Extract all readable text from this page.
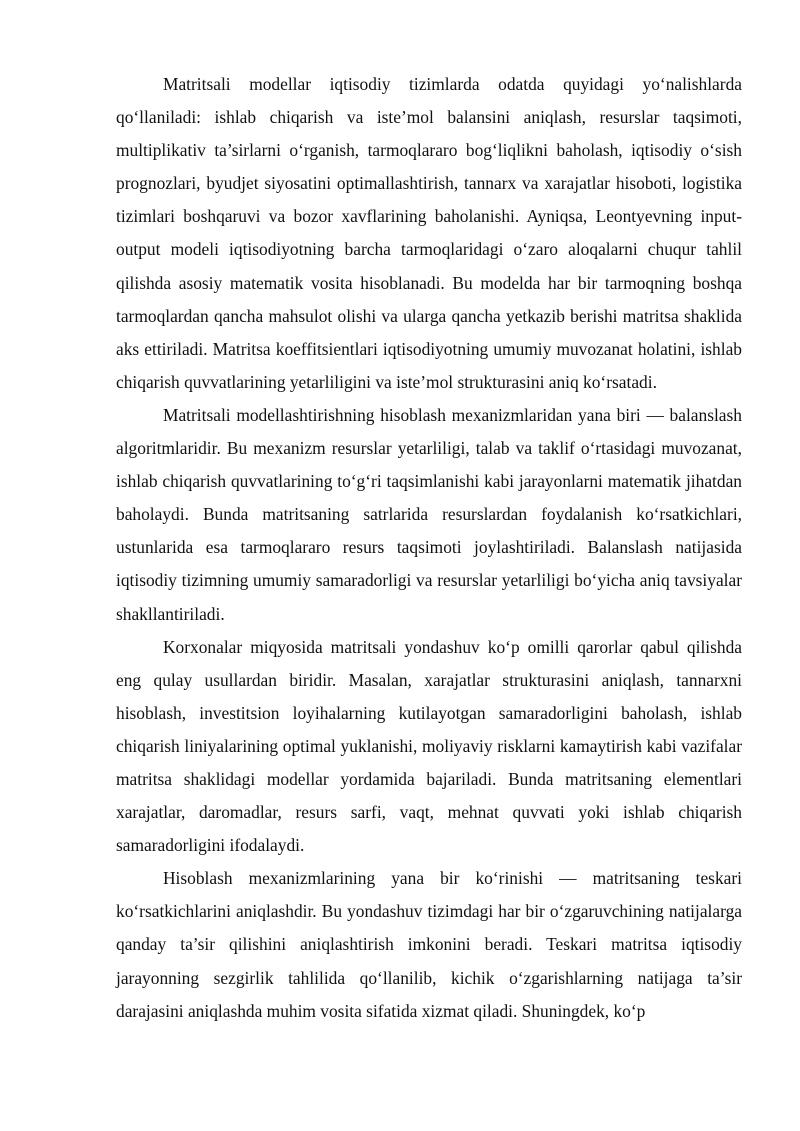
Matritsali modellar iqtisodiy tizimlarda odatda quyidagi yo‘nalishlarda qo‘llaniladi: ishlab chiqarish va iste’mol balansini aniqlash, resurslar taqsimoti, multiplikativ ta’sirlarni o‘rganish, tarmoqlararo bog‘liqlikni baholash, iqtisodiy o‘sish prognozlari, byudjet siyosatini optimallashtirish, tannarx va xarajatlar hisoboti, logistika tizimlari boshqaruvi va bozor xavflarining baholanishi. Ayniqsa, Leontyevning input-output modeli iqtisodiyotning barcha tarmoqlaridagi o‘zaro aloqalarni chuqur tahlil qilishda asosiy matematik vosita hisoblanadi. Bu modelda har bir tarmoqning boshqa tarmoqlardan qancha mahsulot olishi va ularga qancha yetkazib berishi matritsa shaklida aks ettiriladi. Matritsa koeffitsientlari iqtisodiyotning umumiy muvozanat holatini, ishlab chiqarish quvvatlarining yetarliligini va iste’mol strukturasini aniq ko‘rsatadi.

Matritsali modellashtirishning hisoblash mexanizmlaridan yana biri — balanslash algoritmlaridir. Bu mexanizm resurslar yetarliligi, talab va taklif o‘rtasidagi muvozanat, ishlab chiqarish quvvatlarining to‘g‘ri taqsimlanishi kabi jarayonlarni matematik jihatdan baholaydi. Bunda matritsaning satrlarida resurslardan foydalanish ko‘rsatkichlari, ustunlarida esa tarmoqlararo resurs taqsimoti joylashtiriladi. Balanslash natijasida iqtisodiy tizimning umumiy samaradorligi va resurslar yetarliligi bo‘yicha aniq tavsiyalar shakllantiriladi.

Korxonalar miqyosida matritsali yondashuv ko‘p omilli qarorlar qabul qilishda eng qulay usullardan biridir. Masalan, xarajatlar strukturasini aniqlash, tannarxni hisoblash, investitsion loyihalarning kutilayotgan samaradorligini baholash, ishlab chiqarish liniyalarining optimal yuklanishi, moliyaviy risklarni kamaytirish kabi vazifalar matritsa shaklidagi modellar yordamida bajariladi. Bunda matritsaning elementlari xarajatlar, daromadlar, resurs sarfi, vaqt, mehnat quvvati yoki ishlab chiqarish samaradorligini ifodalaydi.

Hisoblash mexanizmlarining yana bir ko‘rinishi — matritsaning teskari ko‘rsatkichlarini aniqlashdir. Bu yondashuv tizimdagi har bir o‘zgaruvchining natijalarga qanday ta’sir qilishini aniqlashtirish imkonini beradi. Teskari matritsa iqtisodiy jarayonning sezgirlik tahlilida qo‘llanilib, kichik o‘zgarishlarning natijaga ta’sir darajasini aniqlashda muhim vosita sifatida xizmat qiladi. Shuningdek, ko‘p
